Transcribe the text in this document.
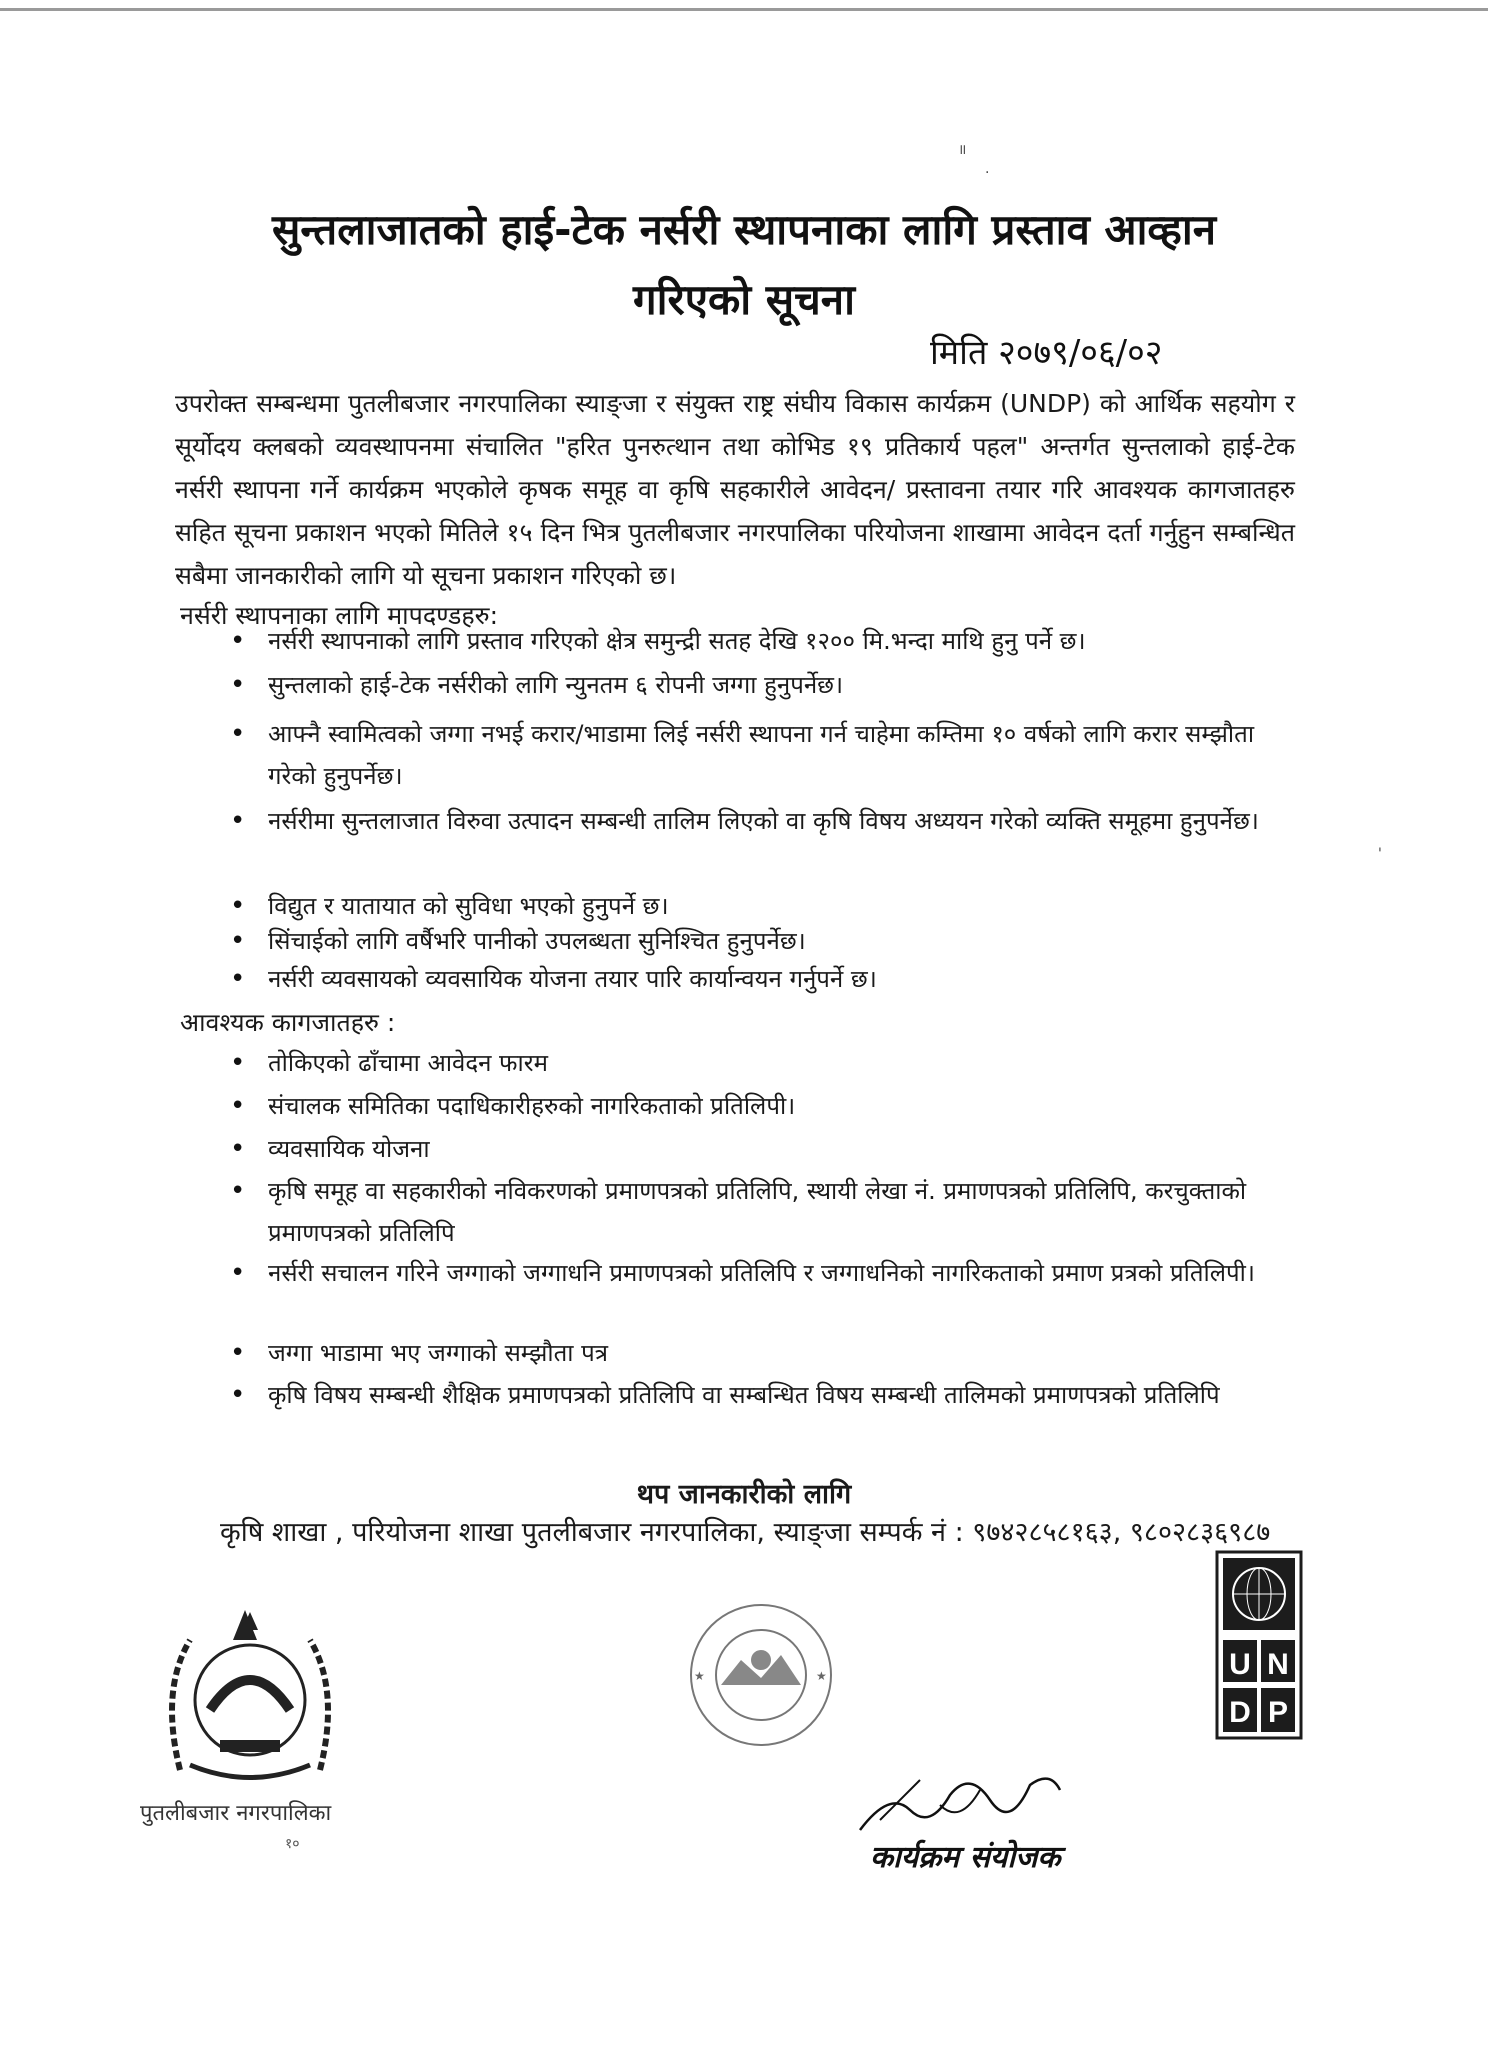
॥
·
'
सुन्तलाजातको हाई-टेक नर्सरी स्थापनाका लागि प्रस्ताव आव्हान
गरिएको सूचना
मिति २०७९/०६/०२
उपरोक्त सम्बन्धमा पुतलीबजार नगरपालिका स्याङ्जा र संयुक्त राष्ट्र संघीय विकास कार्यक्रम (UNDP) को आर्थिक सहयोग र सूर्योदय क्लबको व्यवस्थापनमा संचालित "हरित पुनरुत्थान तथा कोभिड १९ प्रतिकार्य पहल" अन्तर्गत सुन्तलाको हाई-टेक नर्सरी स्थापना गर्ने कार्यक्रम भएकोले कृषक समूह वा कृषि सहकारीले आवेदन/ प्रस्तावना तयार गरि आवश्यक कागजातहरु सहित सूचना प्रकाशन भएको मितिले १५ दिन भित्र पुतलीबजार नगरपालिका परियोजना शाखामा आवेदन दर्ता गर्नुहुन सम्बन्धित सबैमा जानकारीको लागि यो सूचना प्रकाशन गरिएको छ।
नर्सरी स्थापनाका लागि मापदण्डहरु:
• नर्सरी स्थापनाको लागि प्रस्ताव गरिएको क्षेत्र समुन्द्री सतह देखि १२०० मि.भन्दा माथि हुनु पर्ने छ।
• सुन्तलाको हाई-टेक नर्सरीको लागि न्युनतम ६ रोपनी जग्गा हुनुपर्नेछ।
• आफ्नै स्वामित्वको जग्गा नभई करार/भाडामा लिई नर्सरी स्थापना गर्न चाहेमा कम्तिमा १० वर्षको लागि करार सम्झौता गरेको हुनुपर्नेछ।
• नर्सरीमा सुन्तलाजात विरुवा उत्पादन सम्बन्धी तालिम लिएको वा कृषि विषय अध्ययन गरेको व्यक्ति समूहमा हुनुपर्नेछ।
• विद्युत र यातायात को सुविधा भएको हुनुपर्ने छ।
• सिंचाईको लागि वर्षैभरि पानीको उपलब्धता सुनिश्चित हुनुपर्नेछ।
• नर्सरी व्यवसायको व्यवसायिक योजना तयार पारि कार्यान्वयन गर्नुपर्ने छ।
आवश्यक कागजातहरु :
• तोकिएको ढाँचामा आवेदन फारम
• संचालक समितिका पदाधिकारीहरुको नागरिकताको प्रतिलिपी।
• व्यवसायिक योजना
• कृषि समूह वा सहकारीको नविकरणको प्रमाणपत्रको प्रतिलिपि, स्थायी लेखा नं. प्रमाणपत्रको प्रतिलिपि, करचुक्ताको प्रमाणपत्रको प्रतिलिपि
• नर्सरी सचालन गरिने जग्गाको जग्गाधनि प्रमाणपत्रको प्रतिलिपि र जग्गाधनिको नागरिकताको प्रमाण प्रत्रको प्रतिलिपी।
• जग्गा भाडामा भए जग्गाको सम्झौता पत्र
• कृषि विषय सम्बन्धी शैक्षिक प्रमाणपत्रको प्रतिलिपि वा सम्बन्धित विषय सम्बन्धी तालिमको प्रमाणपत्रको प्रतिलिपि
थप जानकारीको लागि
कृषि शाखा , परियोजना शाखा पुतलीबजार नगरपालिका, स्याङ्जा सम्पर्क नं : ९७४२८५८१६३, ९८०२८३६९८७
पुतलीबजार नगरपालिका
१०
★	★	U N
D P
कार्यक्रम संयोजक
